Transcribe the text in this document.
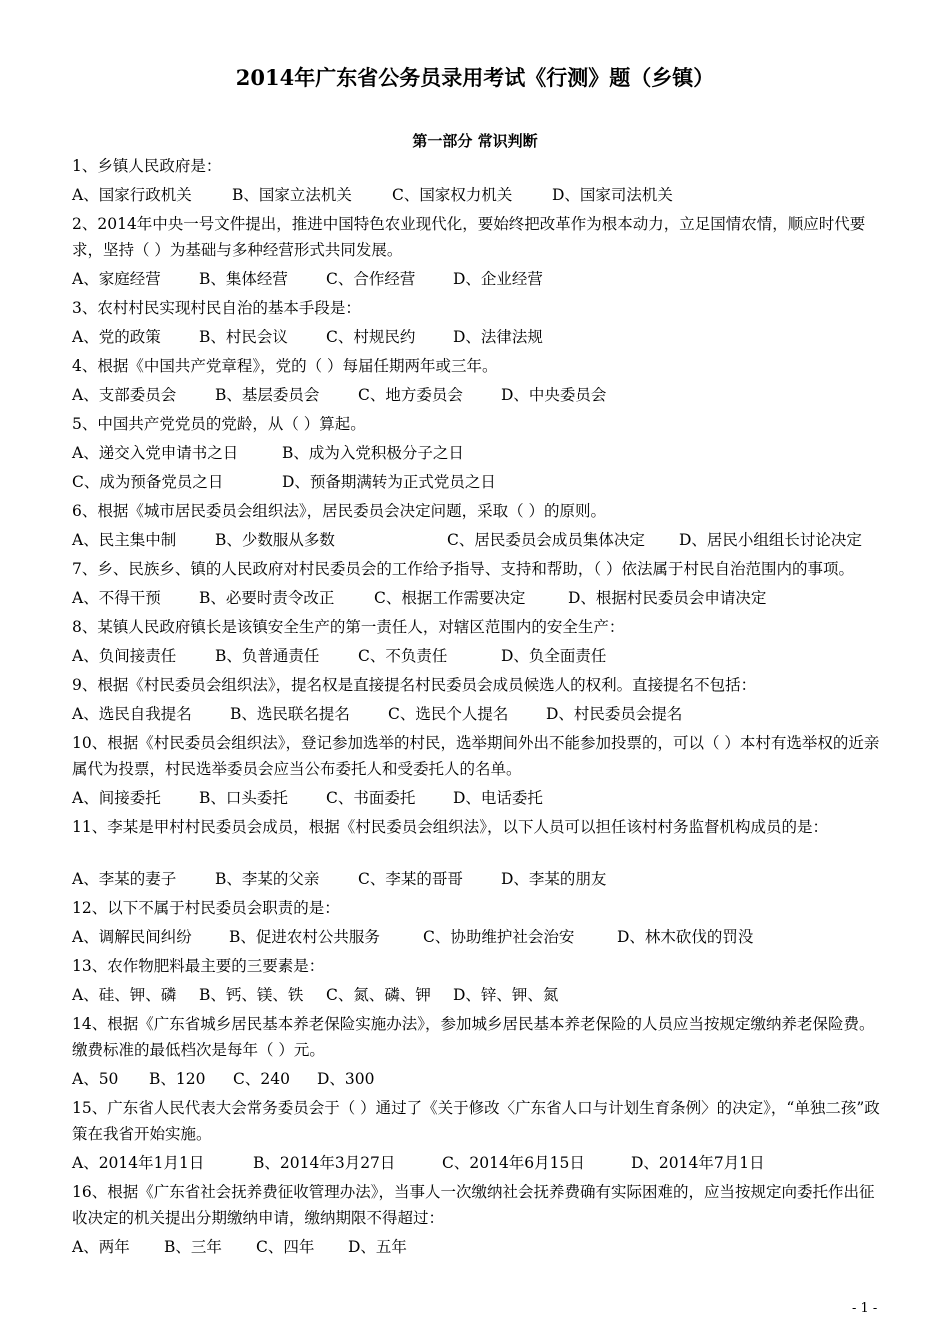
2014年广东省公务员录用考试《行测》题（乡镇）
第一部分 常识判断
1、乡镇人民政府是：
A、国家行政机关	B、国家立法机关	C、国家权力机关	D、国家司法机关
2、2014年中央一号文件提出，推进中国特色农业现代化，要始终把改革作为根本动力，立足国情农情，顺应时代要求，坚持（ ）为基础与多种经营形式共同发展。
A、家庭经营 B、集体经营 C、合作经营 D、企业经营
3、农村村民实现村民自治的基本手段是：
A、党的政策 B、村民会议 C、村规民约 D、法律法规
4、根据《中国共产党章程》，党的（ ）每届任期两年或三年。
A、支部委员会	B、基层委员会 C、地方委员会 D、中央委员会
5、中国共产党党员的党龄，从（ ）算起。
A、递交入党申请书之日	B、成为入党积极分子之日
C、成为预备党员之日	D、预备期满转为正式党员之日
6、根据《城市居民委员会组织法》，居民委员会决定问题，采取（ ）的原则。
A、民主集中制	B、少数服从多数	C、居民委员会成员集体决定 D、居民小组组长讨论决定
7、乡、民族乡、镇的人民政府对村民委员会的工作给予指导、支持和帮助，（ ）依法属于村民自治范围内的事项。
A、不得干预 B、必要时责令改正	C、根据工作需要决定	D、根据村民委员会申请决定
8、某镇人民政府镇长是该镇安全生产的第一责任人，对辖区范围内的安全生产：
A、负间接责任	B、负普通责任 C、不负责任	D、负全面责任
9、根据《村民委员会组织法》，提名权是直接提名村民委员会成员候选人的权利。直接提名不包括：
A、选民自我提名 B、选民联名提名 C、选民个人提名 D、村民委员会提名
10、根据《村民委员会组织法》，登记参加选举的村民，选举期间外出不能参加投票的，可以（ ）本村有选举权的近亲属代为投票，村民选举委员会应当公布委托人和受委托人的名单。
A、间接委托 B、口头委托 C、书面委托 D、电话委托
11、李某是甲村村民委员会成员，根据《村民委员会组织法》，以下人员可以担任该村村务监督机构成员的是：
A、李某的妻子	B、李某的父亲 C、李某的哥哥 D、李某的朋友
12、以下不属于村民委员会职责的是：
A、调解民间纠纷 B、促进农村公共服务	C、协助维护社会治安	D、林木砍伐的罚没
13、农作物肥料最主要的三要素是：
A、硅、钾、磷 B、钙、镁、铁 C、氮、磷、钾 D、锌、钾、氮
14、根据《广东省城乡居民基本养老保险实施办法》，参加城乡居民基本养老保险的人员应当按规定缴纳养老保险费。缴费标准的最低档次是每年（ ）元。
A、50 B、120 C、240 D、300
15、广东省人民代表大会常务委员会于（ ）通过了《关于修改〈广东省人口与计划生育条例〉的决定》，“单独二孩”政策在我省开始实施。
A、2014年1月1日	B、2014年3月27日	C、2014年6月15日	D、2014年7月1日
16、根据《广东省社会抚养费征收管理办法》，当事人一次缴纳社会抚养费确有实际困难的，应当按规定向委托作出征收决定的机关提出分期缴纳申请，缴纳期限不得超过：
A、两年 B、三年 C、四年 D、五年
- 1 -
